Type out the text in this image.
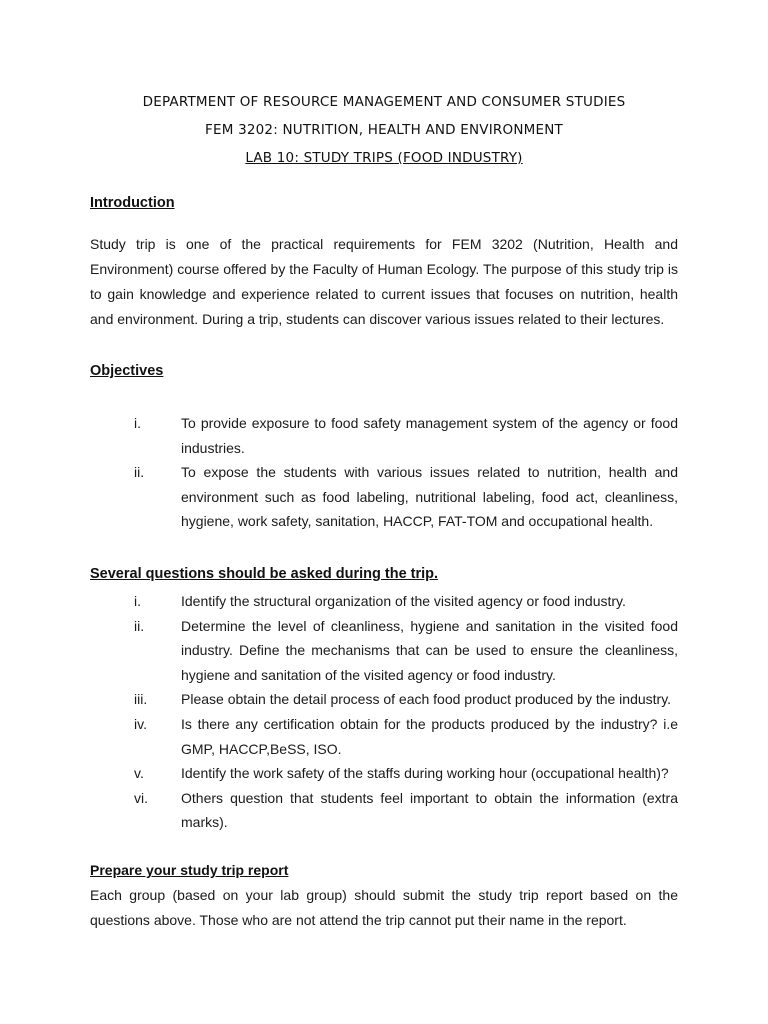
DEPARTMENT OF RESOURCE MANAGEMENT AND CONSUMER STUDIES
FEM 3202: NUTRITION, HEALTH AND ENVIRONMENT
LAB 10: STUDY TRIPS (FOOD INDUSTRY)
Introduction
Study trip is one of the practical requirements for FEM 3202 (Nutrition, Health and Environment) course offered by the Faculty of Human Ecology. The purpose of this study trip is to gain knowledge and experience related to current issues that focuses on nutrition, health and environment. During a trip, students can discover various issues related to their lectures.
Objectives
i.	To provide exposure to food safety management system of the agency or food industries.
ii.	To expose the students with various issues related to nutrition, health and environment such as food labeling, nutritional labeling, food act, cleanliness, hygiene, work safety, sanitation, HACCP, FAT-TOM and occupational health.
Several questions should be asked during the trip.
i.	Identify the structural organization of the visited agency or food industry.
ii.	Determine the level of cleanliness, hygiene and sanitation in the visited food industry. Define the mechanisms that can be used to ensure the cleanliness, hygiene and sanitation of the visited agency or food industry.
iii. Please obtain the detail process of each food product produced by the industry.
iv. Is there any certification obtain for the products produced by the industry? i.e GMP, HACCP,BeSS, ISO.
v.	Identify the work safety of the staffs during working hour (occupational health)?
vi. Others question that students feel important to obtain the information (extra marks).
Prepare your study trip report
Each group (based on your lab group) should submit the study trip report based on the questions above. Those who are not attend the trip cannot put their name in the report.
